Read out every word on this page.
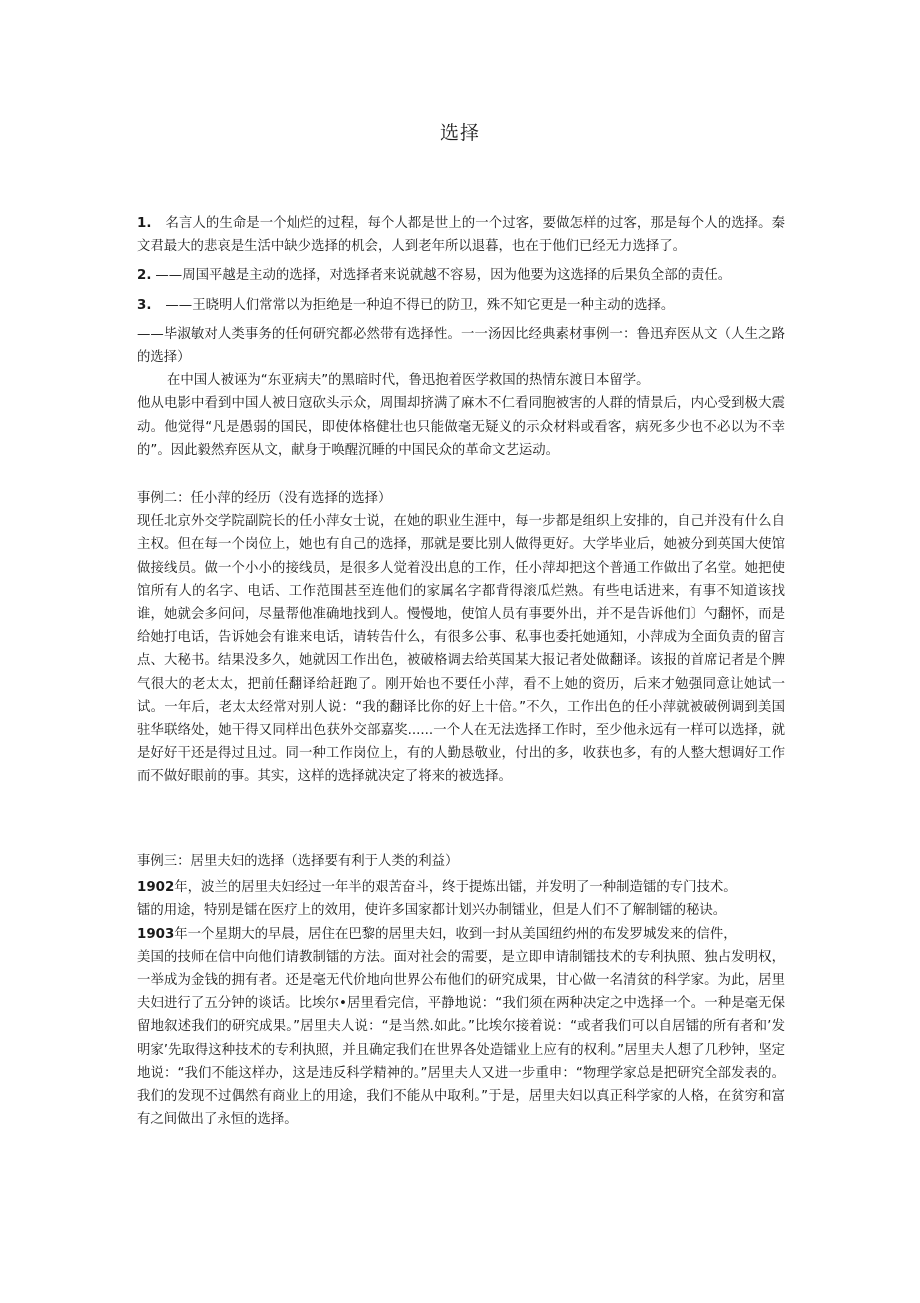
选择

1. 名言人的生命是一个灿烂的过程，每个人都是世上的一个过客，要做怎样的过客，那是每个人的选择。秦文君最大的悲哀是生活中缺少选择的机会，人到老年所以退暮，也在于他们已经无力选择了。

2. ——周国平越是主动的选择，对选择者来说就越不容易，因为他要为这选择的后果负全部的责任。

3. ——王晓明人们常常以为拒绝是一种迫不得已的防卫，殊不知它更是一种主动的选择。

——毕淑敏对人类事务的任何研究都必然带有选择性。一一汤因比经典素材事例一：鲁迅弃医从文（人生之路的选择）

在中国人被诬为“东亚病夫”的黑暗时代，鲁迅抱着医学救国的热情东渡日本留学。

他从电影中看到中国人被日寇砍头示众，周围却挤满了麻木不仁看同胞被害的人群的情景后，内心受到极大震动。他觉得“凡是愚弱的国民，即使体格健壮也只能做毫无疑义的示众材料或看客，病死多少也不必以为不幸的”。因此毅然弃医从文，献身于唤醒沉睡的中国民众的革命文艺运动。

事例二：任小萍的经历（没有选择的选择）

现任北京外交学院副院长的任小萍女士说，在她的职业生涯中，每一步都是组织上安排的，自己并没有什么自主权。但在每一个岗位上，她也有自己的选择，那就是要比别人做得更好。大学毕业后，她被分到英国大使馆做接线员。做一个小小的接线员，是很多人觉着没出息的工作，任小萍却把这个普通工作做出了名堂。她把使馆所有人的名字、电话、工作范围甚至连他们的家属名字都背得滚瓜烂熟。有些电话进来，有事不知道该找谁，她就会多问问，尽量帮他准确地找到人。慢慢地，使馆人员有事要外出，并不是告诉他们〕勺翻怀，而是给她打电话，告诉她会有谁来电话，请转告什么，有很多公事、私事也委托她通知，小萍成为全面负责的留言点、大秘书。结果没多久，她就因工作出色，被破格调去给英国某大报记者处做翻译。该报的首席记者是个脾气很大的老太太，把前任翻译给赶跑了。刚开始也不要任小萍，看不上她的资历，后来才勉强同意让她试一试。一年后，老太太经常对别人说：“我的翻译比你的好上十倍。”不久，工作出色的任小萍就被破例调到美国驻华联络处，她干得又同样出色获外交部嘉奖......一个人在无法选择工作时，至少他永远有一样可以选择，就是好好干还是得过且过。同一种工作岗位上，有的人勤恳敬业，付出的多，收获也多，有的人整大想调好工作而不做好眼前的事。其实，这样的选择就决定了将来的被选择。

事例三：居里夫妇的选择（选择要有利于人类的利益）

1902年，波兰的居里夫妇经过一年半的艰苦奋斗，终于提炼出镭，并发明了一种制造镭的专门技术。

镭的用途，特别是镭在医疗上的效用，使许多国家都计划兴办制镭业，但是人们不了解制镭的秘诀。

1903年一个星期大的早晨，居住在巴黎的居里夫妇，收到一封从美国纽约州的布发罗城发来的信件，

美国的技师在信中向他们请教制镭的方法。面对社会的需要，是立即申请制镭技术的专利执照、独占发明权，一举成为金钱的拥有者。还是毫无代价地向世界公布他们的研究成果，甘心做一名清贫的科学家。为此，居里夫妇进行了五分钟的谈话。比埃尔•居里看完信，平静地说：“我们须在两种决定之中选择一个。一种是毫无保留地叙述我们的研究成果。”居里夫人说：“是当然.如此。”比埃尔接着说：“或者我们可以自居镭的所有者和’发明家’先取得这种技术的专利执照，并且确定我们在世界各处造镭业上应有的权利。”居里夫人想了几秒钟，坚定地说：“我们不能这样办，这是违反科学精神的。”居里夫人又进一步重申：“物理学家总是把研究全部发表的。我们的发现不过偶然有商业上的用途，我们不能从中取利。”于是，居里夫妇以真正科学家的人格，在贫穷和富有之间做出了永恒的选择。
